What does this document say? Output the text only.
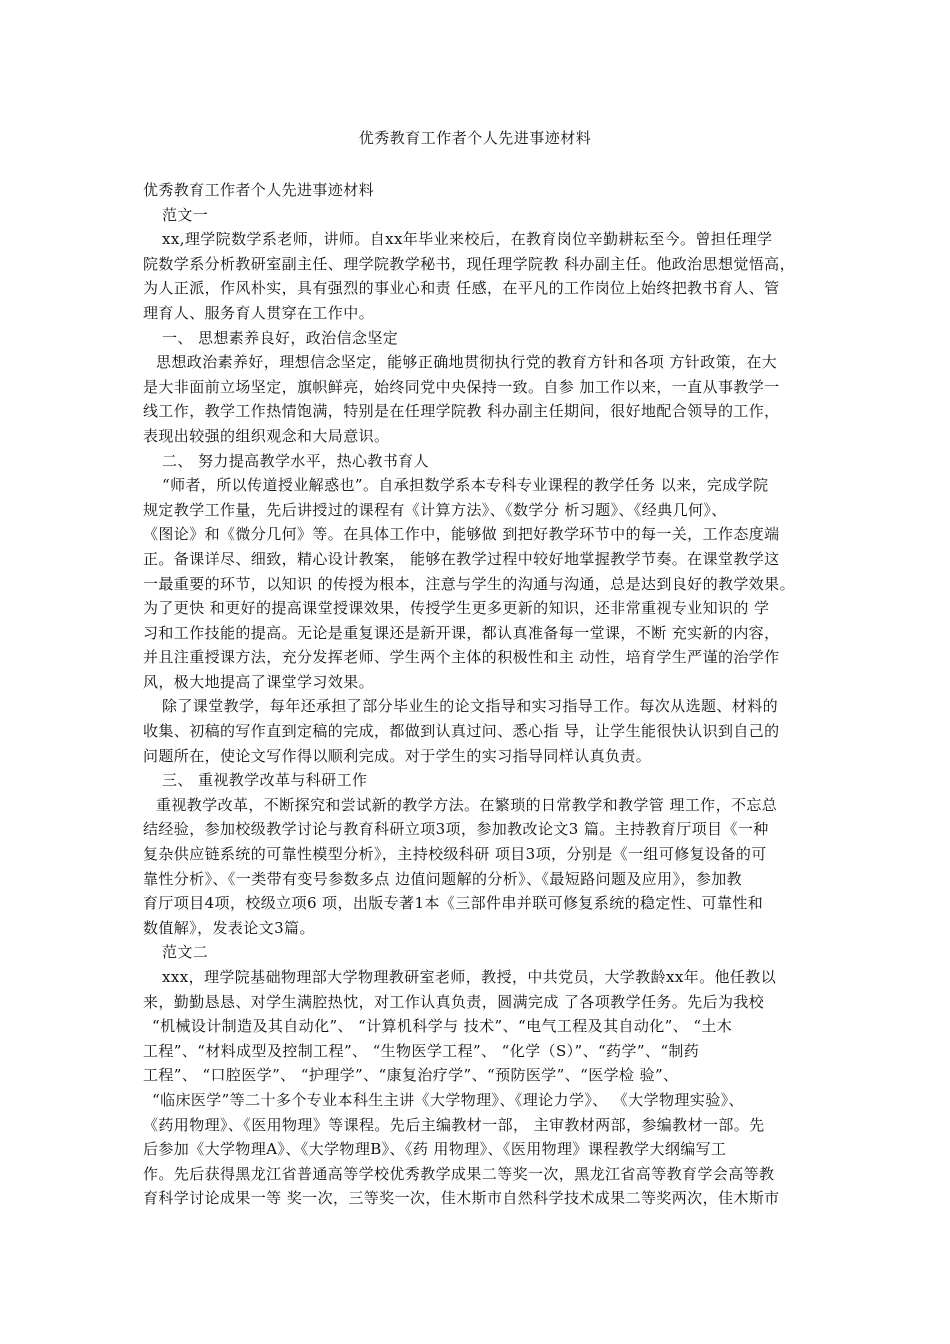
优秀教育工作者个人先进事迹材料
优秀教育工作者个人先进事迹材料
范文一
xx,理学院数学系老师，讲师。自xx年毕业来校后，在教育岗位辛勤耕耘至今。曾担任理学
院数学系分析教研室副主任、理学院教学秘书，现任理学院教 科办副主任。他政治思想觉悟高，
为人正派，作风朴实，具有强烈的事业心和责 任感，在平凡的工作岗位上始终把教书育人、管
理育人、服务育人贯穿在工作中。
一、 思想素养良好，政治信念坚定
思想政治素养好，理想信念坚定，能够正确地贯彻执行党的教育方针和各项 方针政策，在大
是大非面前立场坚定，旗帜鲜亮，始终同党中央保持一致。自参 加工作以来，一直从事教学一
线工作，教学工作热情饱满，特别是在任理学院教 科办副主任期间，很好地配合领导的工作，
表现出较强的组织观念和大局意识。
二、 努力提高教学水平，热心教书育人
“师者，所以传道授业解惑也”。自承担数学系本专科专业课程的教学任务 以来，完成学院
规定教学工作量，先后讲授过的课程有《计算方法》、《数学分 析习题》、《经典几何》、
《图论》和《微分几何》等。在具体工作中，能够做 到把好教学环节中的每一关，工作态度端
正。备课详尽、细致，精心设计教案， 能够在教学过程中较好地掌握教学节奏。在课堂教学这
一最重要的环节，以知识 的传授为根本，注意与学生的沟通与沟通，总是达到良好的教学效果。
为了更快 和更好的提高课堂授课效果，传授学生更多更新的知识，还非常重视专业知识的 学
习和工作技能的提高。无论是重复课还是新开课，都认真准备每一堂课，不断 充实新的内容，
并且注重授课方法，充分发挥老师、学生两个主体的积极性和主 动性，培育学生严谨的治学作
风，极大地提高了课堂学习效果。
除了课堂教学，每年还承担了部分毕业生的论文指导和实习指导工作。每次从选题、材料的
收集、初稿的写作直到定稿的完成，都做到认真过问、悉心指 导，让学生能很快认识到自己的
问题所在，使论文写作得以顺利完成。对于学生的实习指导同样认真负责。
三、 重视教学改革与科研工作
重视教学改革，不断探究和尝试新的教学方法。在繁琐的日常教学和教学管 理工作，不忘总
结经验，参加校级教学讨论与教育科研立项3项，参加教改论文3 篇。主持教育厅项目《一种
复杂供应链系统的可靠性模型分析》，主持校级科研 项目3项，分别是《一组可修复设备的可
靠性分析》、《一类带有变号参数多点 边值问题解的分析》、《最短路问题及应用》，参加教
育厅项目4项，校级立项6 项，出版专著1本《三部件串并联可修复系统的稳定性、可靠性和
数值解》，发表论文3篇。
范文二
xxx，理学院基础物理部大学物理教研室老师，教授，中共党员，大学教龄xx年。他任教以
来，勤勤恳恳、对学生满腔热忱，对工作认真负责，圆满完成 了各项教学任务。先后为我校
“机械设计制造及其自动化”、 “计算机科学与 技术”、“电气工程及其自动化”、 “土木
工程”、“材料成型及控制工程”、 “生物医学工程”、 “化学（S）”、“药学”、“制药
工程”、 “口腔医学”、 “护理学”、“康复治疗学”、“预防医学”、“医学检 验”、
“临床医学”等二十多个专业本科生主讲《大学物理》、《理论力学》、 《大学物理实验》、
《药用物理》、《医用物理》等课程。先后主编教材一部， 主审教材两部，参编教材一部。先
后参加《大学物理A》、《大学物理B》、《药 用物理》、《医用物理》课程教学大纲编写工
作。先后获得黑龙江省普通高等学校优秀教学成果二等奖一次，黑龙江省高等教育学会高等教
育科学讨论成果一等 奖一次，三等奖一次，佳木斯市自然科学技术成果二等奖两次，佳木斯市
